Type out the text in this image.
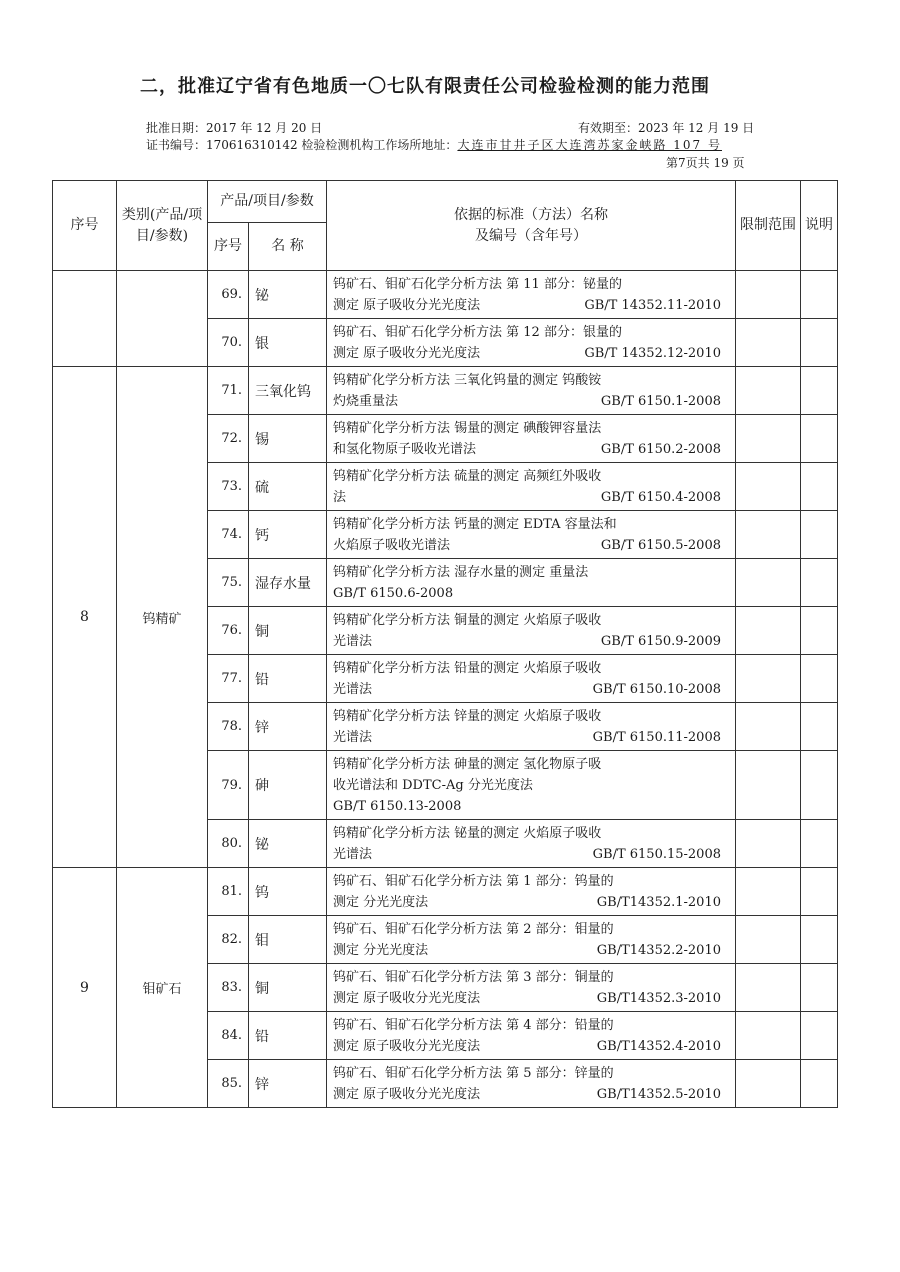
二，批准辽宁省有色地质一〇七队有限责任公司检验检测的能力范围
批准日期：2017 年 12 月 20 日	有效期至：2023 年 12 月 19 日
证书编号：170616310142 检验检测机构工作场所地址：大连市甘井子区大连湾苏家金峡路 107 号
第7页共 19 页
序号	类别(产品/项目/参数)	产品/项目/参数		依据的标准（方法）名称
及编号（含年号）	限制范围	说明
		序号	名 称			
		69.	铋	钨矿石、钼矿石化学分析方法 第 11 部分：铋量的
测定 原子吸收分光光度法 GB/T 14352.11-2010		

		70.	银	钨矿石、钼矿石化学分析方法 第 12 部分：银量的
测定 原子吸收分光光度法 GB/T 14352.12-2010		

8	钨精矿	71.	三氧化钨	钨精矿化学分析方法 三氧化钨量的测定 钨酸铵
灼烧重量法 GB/T 6150.1-2008		

		72.	锡	钨精矿化学分析方法 锡量的测定 碘酸钾容量法
和氢化物原子吸收光谱法 GB/T 6150.2-2008		

		73.	硫	钨精矿化学分析方法 硫量的测定 高频红外吸收
法 GB/T 6150.4-2008		

		74.	钙	钨精矿化学分析方法 钙量的测定 EDTA 容量法和
火焰原子吸收光谱法 GB/T 6150.5-2008		

		75.	湿存水量	钨精矿化学分析方法 湿存水量的测定 重量法
GB/T 6150.6-2008		

		76.	铜	钨精矿化学分析方法 铜量的测定 火焰原子吸收
光谱法 GB/T 6150.9-2009		

		77.	铅	钨精矿化学分析方法 铅量的测定 火焰原子吸收
光谱法 GB/T 6150.10-2008		

		78.	锌	钨精矿化学分析方法 锌量的测定 火焰原子吸收
光谱法 GB/T 6150.11-2008		

		79.	砷	钨精矿化学分析方法 砷量的测定 氢化物原子吸
收光谱法和 DDTC-Ag 分光光度法
GB/T 6150.13-2008		

		80.	铋	钨精矿化学分析方法 铋量的测定 火焰原子吸收
光谱法 GB/T 6150.15-2008		

9	钼矿石	81.	钨	钨矿石、钼矿石化学分析方法 第 1 部分：钨量的
测定 分光光度法 GB/T14352.1-2010		

		82.	钼	钨矿石、钼矿石化学分析方法 第 2 部分：钼量的
测定 分光光度法 GB/T14352.2-2010		

		83.	铜	钨矿石、钼矿石化学分析方法 第 3 部分：铜量的
测定 原子吸收分光光度法 GB/T14352.3-2010		

		84.	铅	钨矿石、钼矿石化学分析方法 第 4 部分：铅量的
测定 原子吸收分光光度法 GB/T14352.4-2010		

		85.	锌	钨矿石、钼矿石化学分析方法 第 5 部分：锌量的
测定 原子吸收分光光度法 GB/T14352.5-2010		
